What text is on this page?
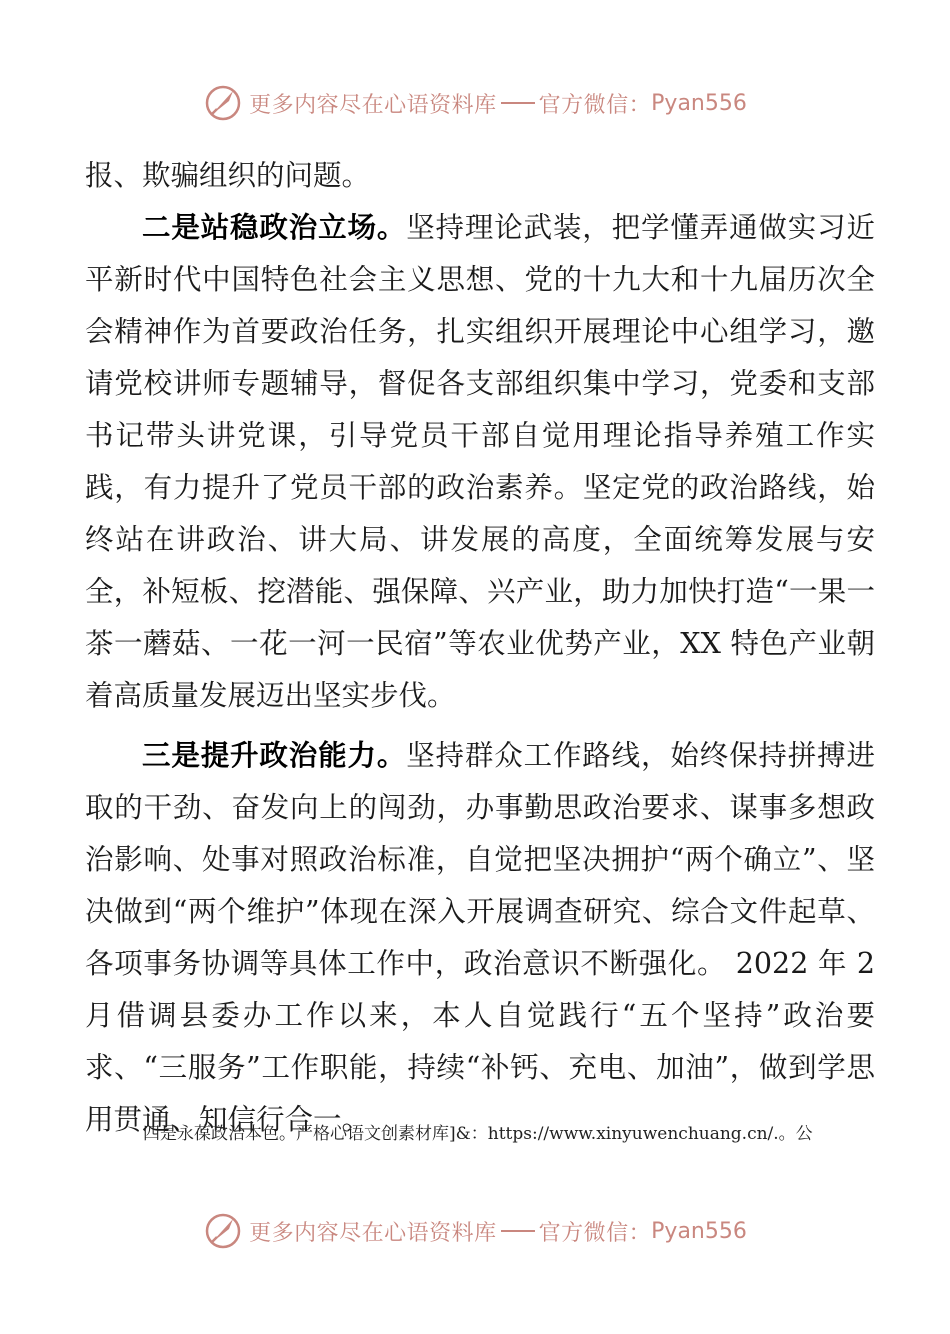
更多内容尽在心语资料库 官方微信： Pyan556

报、欺骗组织的问题。

二是站稳政治立场。坚持理论武装，把学懂弄通做实习近平新时代中国特色社会主义思想、党的十九大和十九届历次全会精神作为首要政治任务，扎实组织开展理论中心组学习，邀请党校讲师专题辅导，督促各支部组织集中学习，党委和支部书记带头讲党课，引导党员干部自觉用理论指导养殖工作实践，有力提升了党员干部的政治素养。坚定党的政治路线，始终站在讲政治、讲大局、讲发展的高度，全面统筹发展与安全，补短板、挖潜能、强保障、兴产业，助力加快打造“一果一茶一蘑菇、一花一河一民宿”等农业优势产业，XX 特色产业朝着高质量发展迈出坚实步伐。

三是提升政治能力。坚持群众工作路线，始终保持拼搏进取的干劲、奋发向上的闯劲，办事勤思政治要求、谋事多想政治影响、处事对照政治标准，自觉把坚决拥护“两个确立”、坚决做到“两个维护”体现在深入开展调查研究、综合文件起草、各项事务协调等具体工作中，政治意识不断强化。 2022 年 2 月借调县委办工作以来，本人自觉践行“五个坚持”政治要求、“三服务”工作职能，持续“补钙、充电、加油”，做到学思用贯通、知信行合一。

四是永葆政治本色。严格心语文创素材库]&：https://www.xinyuwenchuang.cn/.。公
更多内容尽在心语资料库 官方微信： Pyan556
